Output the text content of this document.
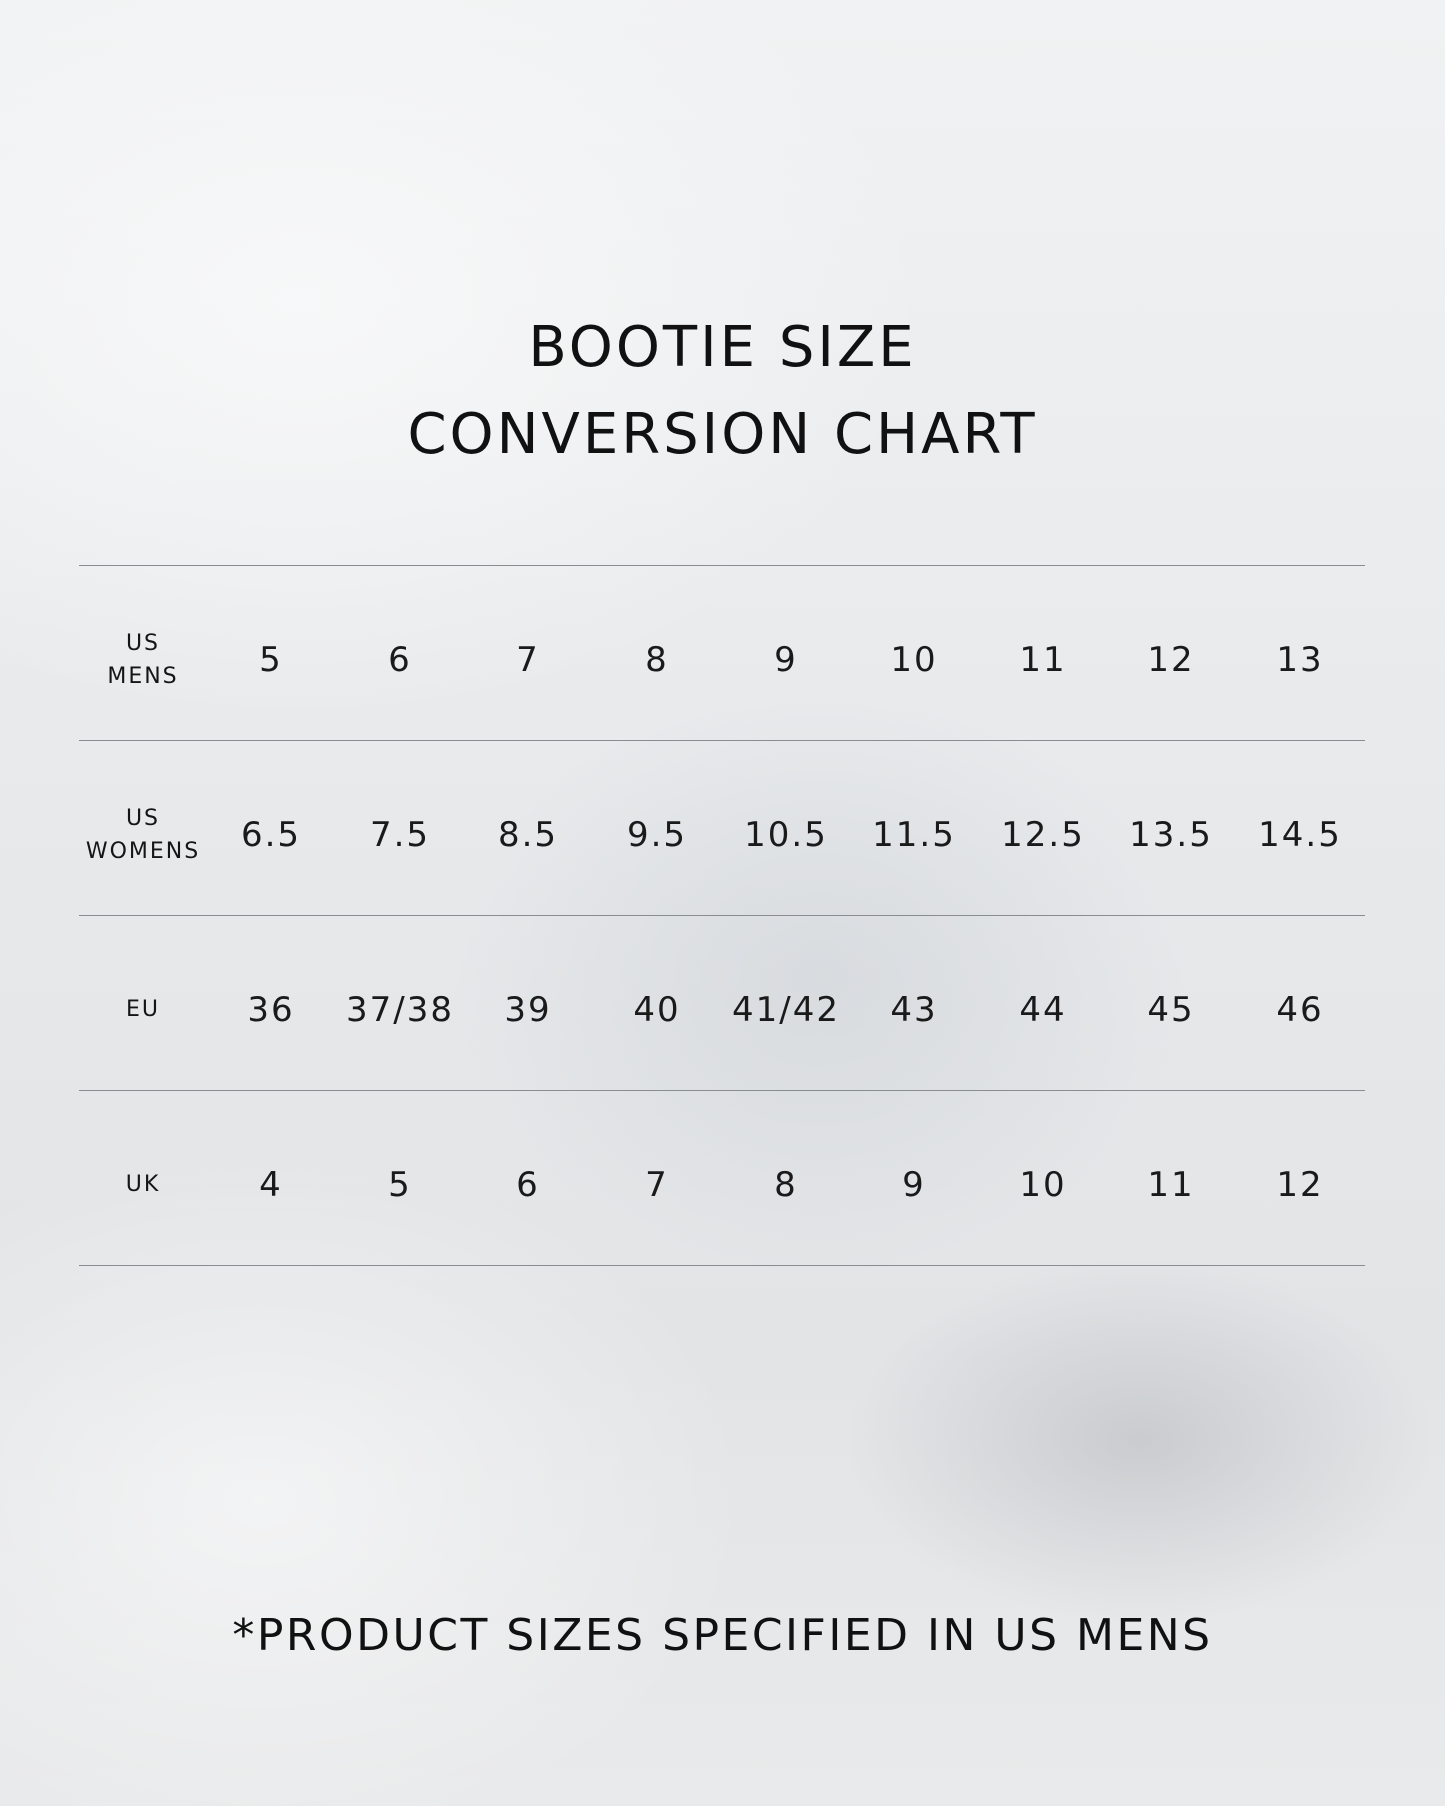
BOOTIE SIZE
CONVERSION CHART
US
MENS	5	6	7	8	9	10	11	12	13
US
WOMENS	6.5	7.5	8.5	9.5	10.5	11.5	12.5	13.5	14.5
EU	36	37/38	39	40	41/42	43	44	45	46
UK	4	5	6	7	8	9	10	11	12
*PRODUCT SIZES SPECIFIED IN US MENS
